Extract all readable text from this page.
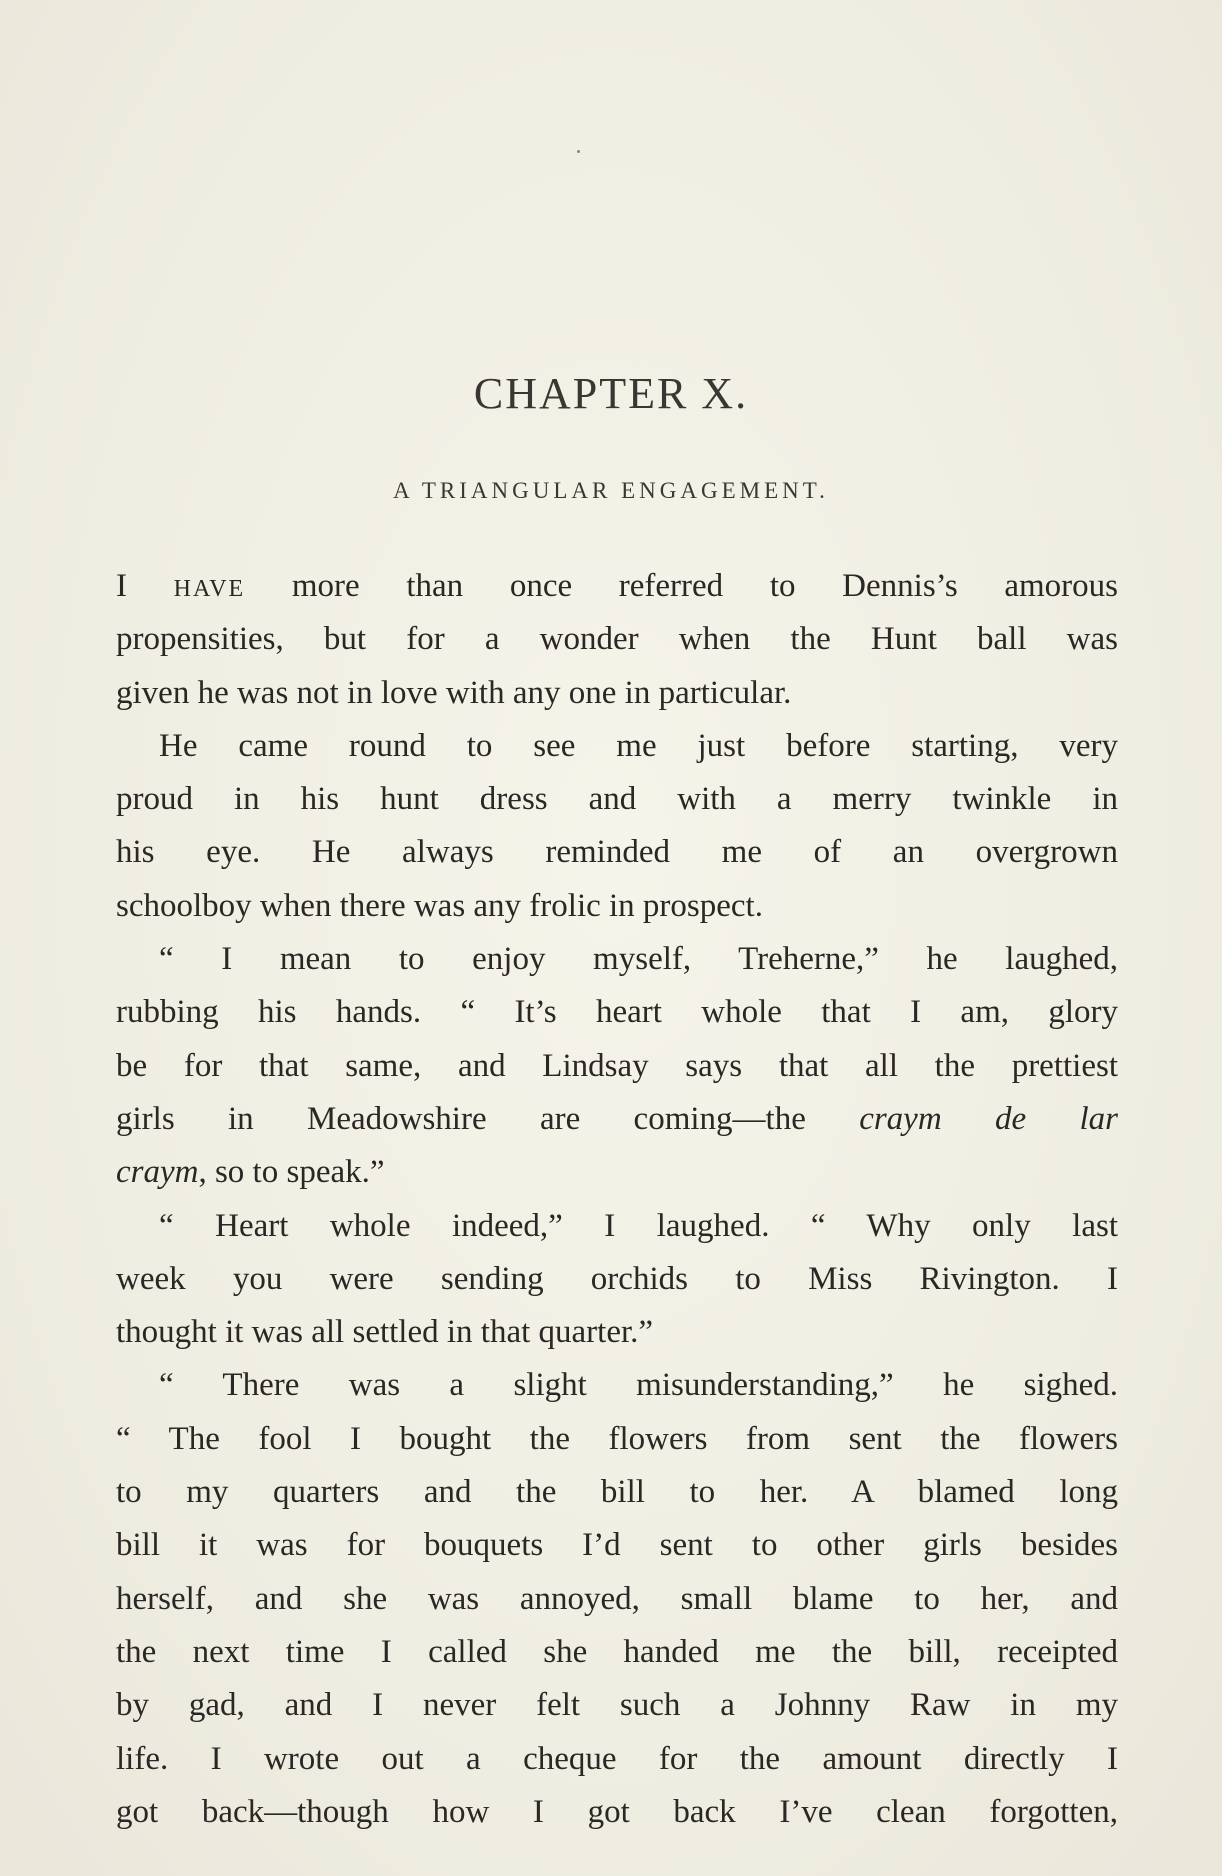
CHAPTER X.
A TRIANGULAR ENGAGEMENT.
I HAVE more than once referred to Dennis’s amorous
propensities, but for a wonder when the Hunt ball was
given he was not in love with any one in particular.
He came round to see me just before starting, very
proud in his hunt dress and with a merry twinkle in
his eye. He always reminded me of an overgrown
schoolboy when there was any frolic in prospect.
“ I mean to enjoy myself, Treherne,” he laughed,
rubbing his hands. “ It’s heart whole that I am, glory
be for that same, and Lindsay says that all the prettiest
girls in Meadowshire are coming—the craym de lar
craym, so to speak.”
“ Heart whole indeed,” I laughed. “ Why only last
week you were sending orchids to Miss Rivington. I
thought it was all settled in that quarter.”
“ There was a slight misunderstanding,” he sighed.
“ The fool I bought the flowers from sent the flowers
to my quarters and the bill to her. A blamed long
bill it was for bouquets I’d sent to other girls besides
herself, and she was annoyed, small blame to her, and
the next time I called she handed me the bill, receipted
by gad, and I never felt such a Johnny Raw in my
life. I wrote out a cheque for the amount directly I
got back—though how I got back I’ve clean forgotten,
